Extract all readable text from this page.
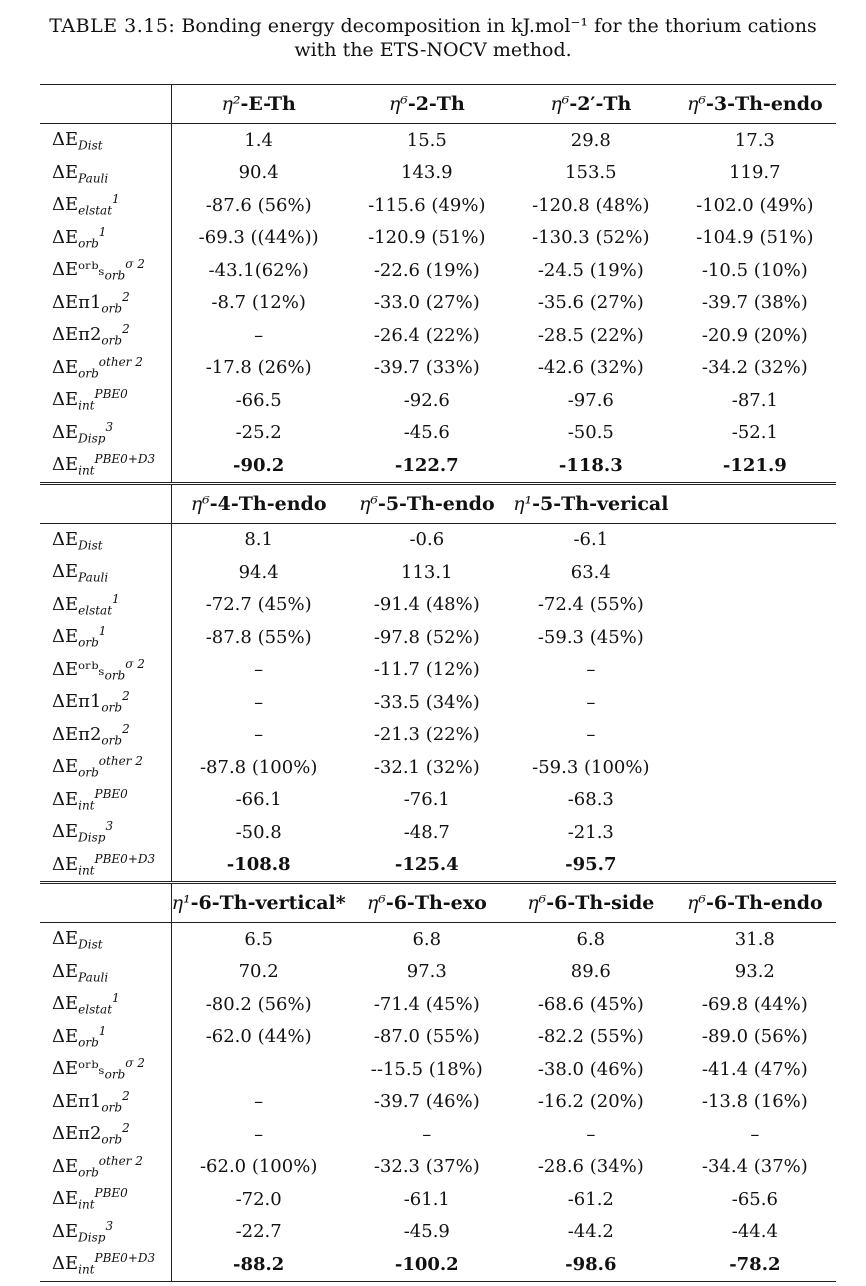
TABLE 3.15: Bonding energy decomposition in kJ.mol⁻¹ for the thorium cations with the ETS-NOCV method.
	η²-E-Th	η⁶-2-Th	η⁶-2′-Th	η⁶-3-Th-endo
$\Delta E_{Dist}$	1.4	15.5	29.8	17.3
$\Delta E_{Pauli}$	90.4	143.9	153.5	119.7
$\Delta E_{elstat}^1$	-87.6 (56%)	-115.6 (49%)	-120.8 (48%)	-102.0 (49%)
$\Delta E_{orb}^1$	-69.3 ((44%))	-120.9 (51%)	-130.3 (52%)	-104.9 (51%)
ΔEᵒʳᵇₛ$_{orb}^{\sigma 2}$	-43.1(62%)	-22.6 (19%)	-24.5 (19%)	-10.5 (10%)
$\Delta E\pi 1_{orb}^2$	-8.7 (12%)	-33.0 (27%)	-35.6 (27%)	-39.7 (38%)
$\Delta E\pi 2_{orb}^2$	–	-26.4 (22%)	-28.5 (22%)	-20.9 (20%)
$\Delta E_{orb}^{other 2}$	-17.8 (26%)	-39.7 (33%)	-42.6 (32%)	-34.2 (32%)
$\Delta E_{int}^{PBE0}$	-66.5	-92.6	-97.6	-87.1
$\Delta E_{Disp}^3$	-25.2	-45.6	-50.5	-52.1
$\Delta E_{int}^{PBE0+D3}$	-90.2	-122.7	-118.3	-121.9
	η⁶-4-Th-endo	η⁶-5-Th-endo	η¹-5-Th-verical	
$\Delta E_{Dist}$	8.1	-0.6	-6.1	
$\Delta E_{Pauli}$	94.4	113.1	63.4	
$\Delta E_{elstat}^1$	-72.7 (45%)	-91.4 (48%)	-72.4 (55%)	
$\Delta E_{orb}^1$	-87.8 (55%)	-97.8 (52%)	-59.3 (45%)	
ΔEᵒʳᵇₛ$_{orb}^{\sigma 2}$	–	-11.7 (12%)	–	
$\Delta E\pi 1_{orb}^2$	–	-33.5 (34%)	–	
$\Delta E\pi 2_{orb}^2$	–	-21.3 (22%)	–	
$\Delta E_{orb}^{other 2}$	-87.8 (100%)	-32.1 (32%)	-59.3 (100%)	
$\Delta E_{int}^{PBE0}$	-66.1	-76.1	-68.3	
$\Delta E_{Disp}^3$	-50.8	-48.7	-21.3	
$\Delta E_{int}^{PBE0+D3}$	-108.8	-125.4	-95.7	
	η¹-6-Th-vertical*	η⁶-6-Th-exo	η⁶-6-Th-side	η⁶-6-Th-endo
$\Delta E_{Dist}$	6.5	6.8	6.8	31.8
$\Delta E_{Pauli}$	70.2	97.3	89.6	93.2
$\Delta E_{elstat}^1$	-80.2 (56%)	-71.4 (45%)	-68.6 (45%)	-69.8 (44%)
$\Delta E_{orb}^1$	-62.0 (44%)	-87.0 (55%)	-82.2 (55%)	-89.0 (56%)
ΔEᵒʳᵇₛ$_{orb}^{\sigma 2}$		--15.5 (18%)	-38.0 (46%)	-41.4 (47%)
$\Delta E\pi 1_{orb}^2$	–	-39.7 (46%)	-16.2 (20%)	-13.8 (16%)
$\Delta E\pi 2_{orb}^2$	–	–	–	–
$\Delta E_{orb}^{other 2}$	-62.0 (100%)	-32.3 (37%)	-28.6 (34%)	-34.4 (37%)
$\Delta E_{int}^{PBE0}$	-72.0	-61.1	-61.2	-65.6
$\Delta E_{Disp}^3$	-22.7	-45.9	-44.2	-44.4
$\Delta E_{int}^{PBE0+D3}$	-88.2	-100.2	-98.6	-78.2
